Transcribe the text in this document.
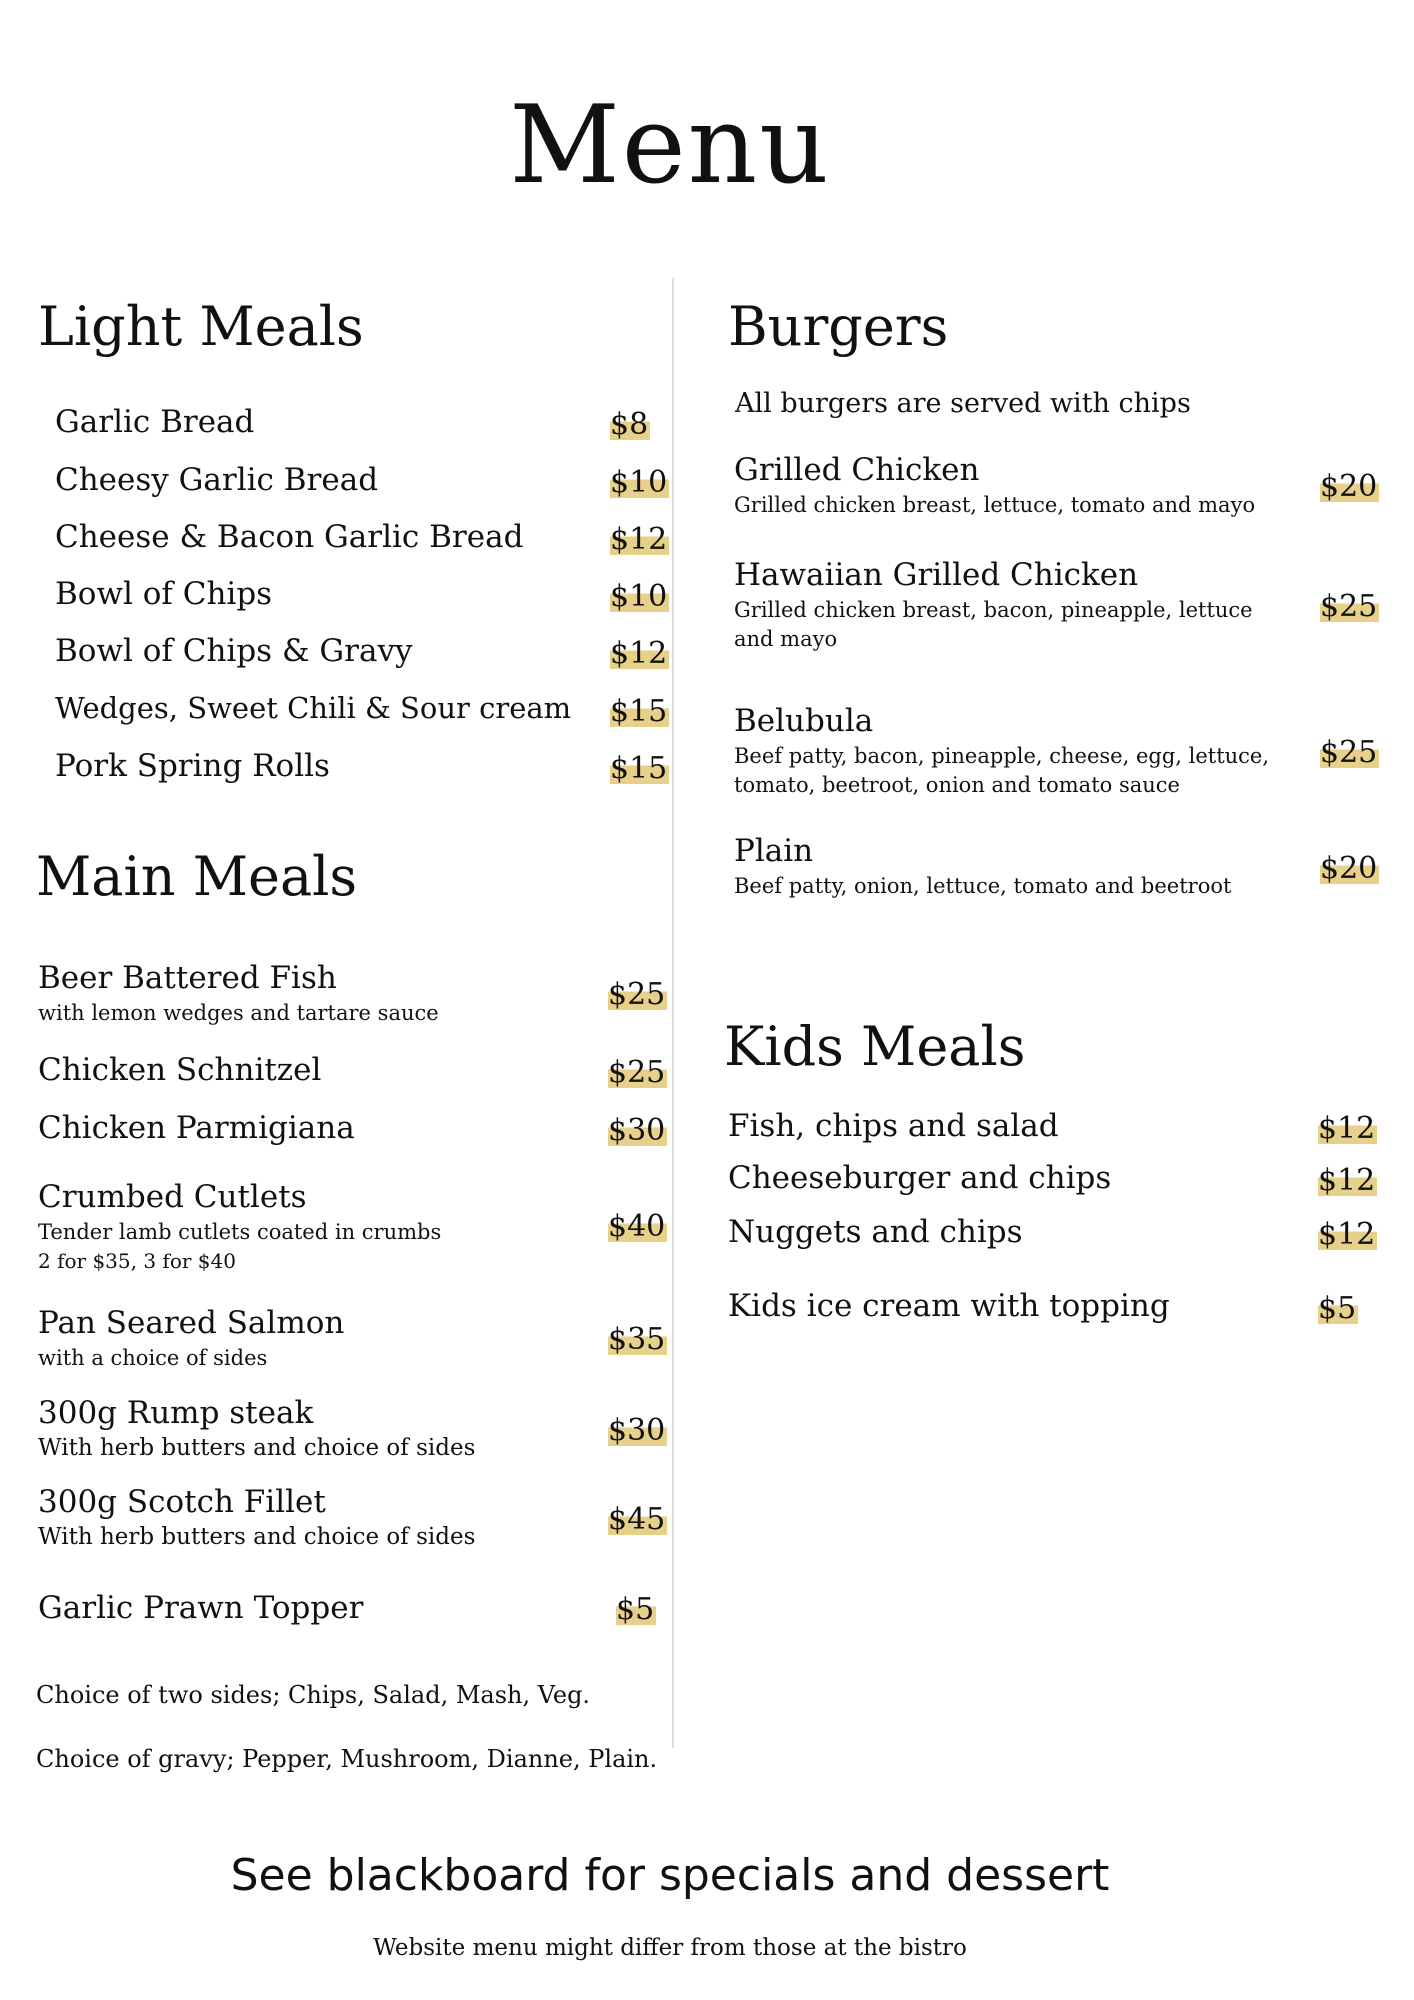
Menu
Light Meals
Garlic Bread	$8
Cheesy Garlic Bread	$10
Cheese & Bacon Garlic Bread	$12
Bowl of Chips	$10
Bowl of Chips & Gravy	$12
Wedges, Sweet Chili & Sour cream $15
Pork Spring Rolls	$15
Main Meals
Beer Battered Fish
with lemon wedges and tartare sauce
$25
Chicken Schnitzel	$25
Chicken Parmigiana	$30
Crumbed Cutlets
Tender lamb cutlets coated in crumbs
2 for $35, 3 for $40
$40
Pan Seared Salmon
with a choice of sides
$35
300g Rump steak
With herb butters and choice of sides	$30
300g Scotch Fillet
With herb butters and choice of sides	$45
Garlic Prawn Topper	$5
Choice of two sides; Chips, Salad, Mash, Veg.
Choice of gravy; Pepper, Mushroom, Dianne, Plain.
Burgers
All burgers are served with chips
Grilled Chicken
Grilled chicken breast, lettuce, tomato and mayo
$20
Hawaiian Grilled Chicken
Grilled chicken breast, bacon, pineapple, lettuce and mayo
$25
Belubula
Beef patty, bacon, pineapple, cheese, egg, lettuce, tomato, beetroot, onion and tomato sauce
$25
Plain
Beef patty, onion, lettuce, tomato and beetroot	$20
Kids Meals
Fish, chips and salad	$12
Cheeseburger and chips	$12
Nuggets and chips	$12
Kids ice cream with topping	$5
See blackboard for specials and dessert
Website menu might differ from those at the bistro
